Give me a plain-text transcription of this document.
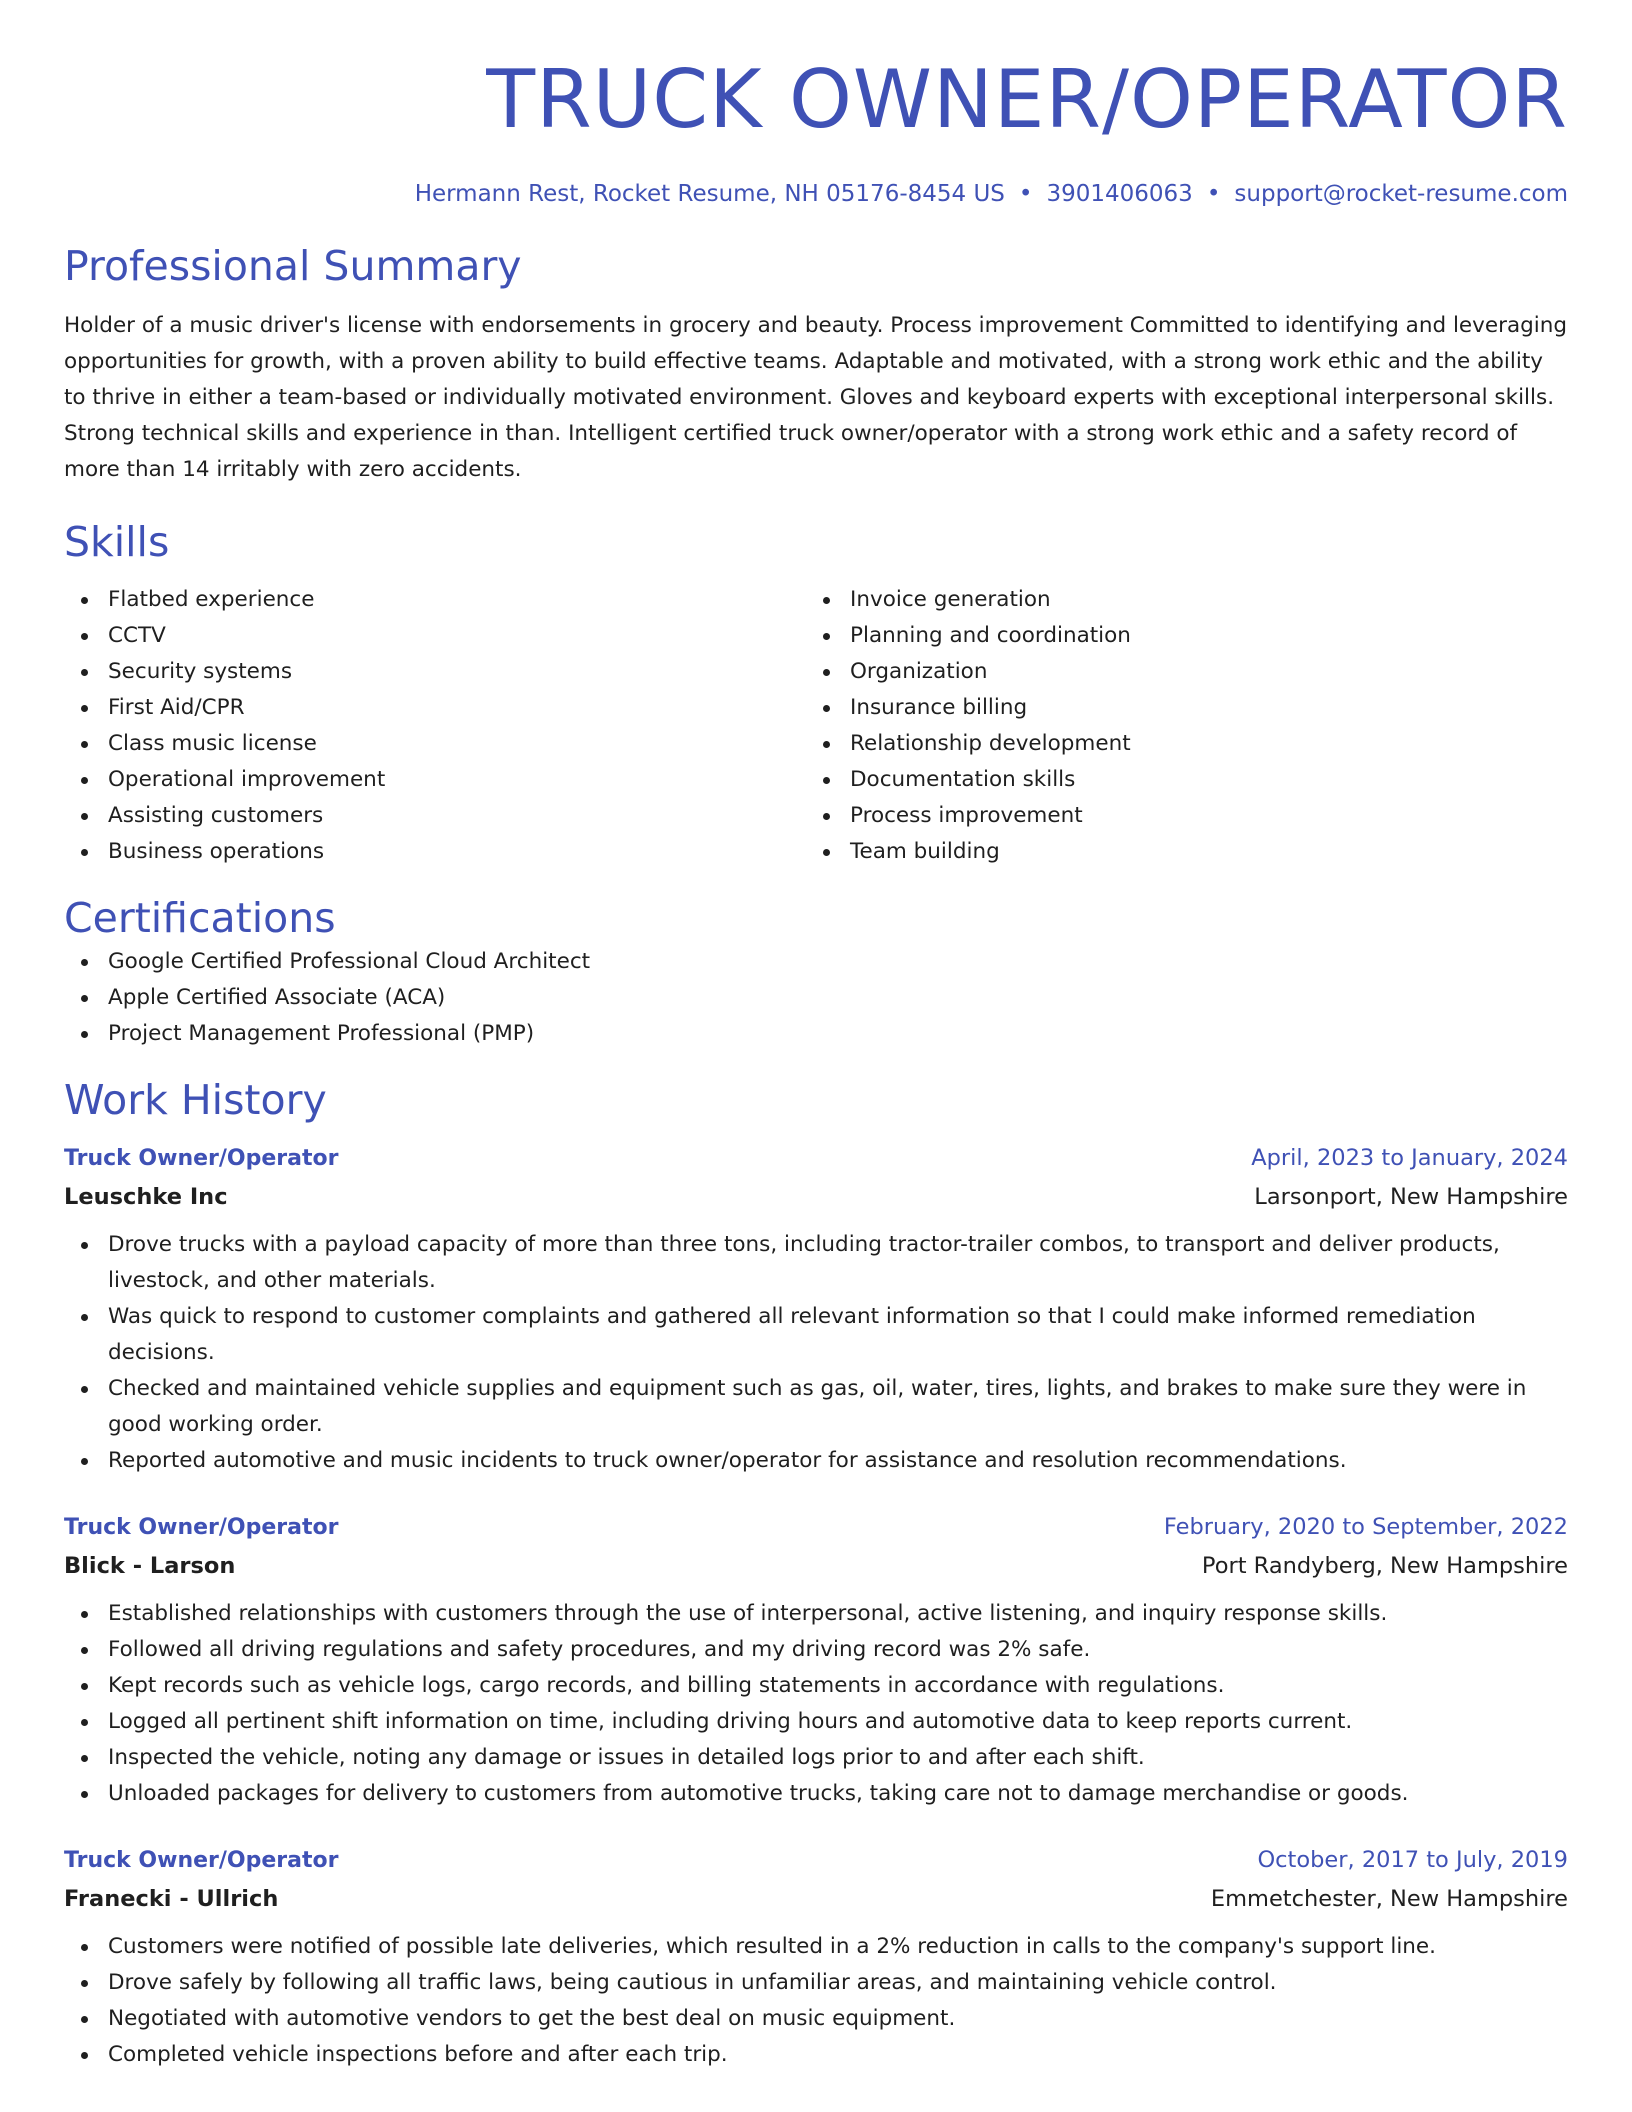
TRUCK OWNER/OPERATOR
Hermann Rest, Rocket Resume, NH 05176-8454 US • 3901406063 • support@rocket-resume.com
Professional Summary

Holder of a music driver's license with endorsements in grocery and beauty. Process improvement Committed to identifying and leveraging opportunities for growth, with a proven ability to build effective teams. Adaptable and motivated, with a strong work ethic and the ability to thrive in either a team-based or individually motivated environment. Gloves and keyboard experts with exceptional interpersonal skills. Strong technical skills and experience in than. Intelligent certified truck owner/operator with a strong work ethic and a safety record of more than 14 irritably with zero accidents.

Skills
Flatbed experience
CCTV
Security systems
First Aid/CPR
Class music license
Operational improvement
Assisting customers
Business operations
Invoice generation
Planning and coordination
Organization
Insurance billing
Relationship development
Documentation skills
Process improvement
Team building
Certifications
Google Certified Professional Cloud Architect
Apple Certified Associate (ACA)
Project Management Professional (PMP)
Work History
Truck Owner/Operator	April, 2023 to January, 2024
Leuschke Inc	Larsonport, New Hampshire
Drove trucks with a payload capacity of more than three tons, including tractor-trailer combos, to transport and deliver products, livestock, and other materials.
Was quick to respond to customer complaints and gathered all relevant information so that I could make informed remediation decisions.
Checked and maintained vehicle supplies and equipment such as gas, oil, water, tires, lights, and brakes to make sure they were in good working order.
Reported automotive and music incidents to truck owner/operator for assistance and resolution recommendations.
Truck Owner/Operator	February, 2020 to September, 2022
Blick - Larson	Port Randyberg, New Hampshire
Established relationships with customers through the use of interpersonal, active listening, and inquiry response skills.
Followed all driving regulations and safety procedures, and my driving record was 2% safe.
Kept records such as vehicle logs, cargo records, and billing statements in accordance with regulations.
Logged all pertinent shift information on time, including driving hours and automotive data to keep reports current.
Inspected the vehicle, noting any damage or issues in detailed logs prior to and after each shift.
Unloaded packages for delivery to customers from automotive trucks, taking care not to damage merchandise or goods.
Truck Owner/Operator	October, 2017 to July, 2019
Franecki - Ullrich	Emmetchester, New Hampshire
Customers were notified of possible late deliveries, which resulted in a 2% reduction in calls to the company's support line.
Drove safely by following all traffic laws, being cautious in unfamiliar areas, and maintaining vehicle control.
Negotiated with automotive vendors to get the best deal on music equipment.
Completed vehicle inspections before and after each trip.
